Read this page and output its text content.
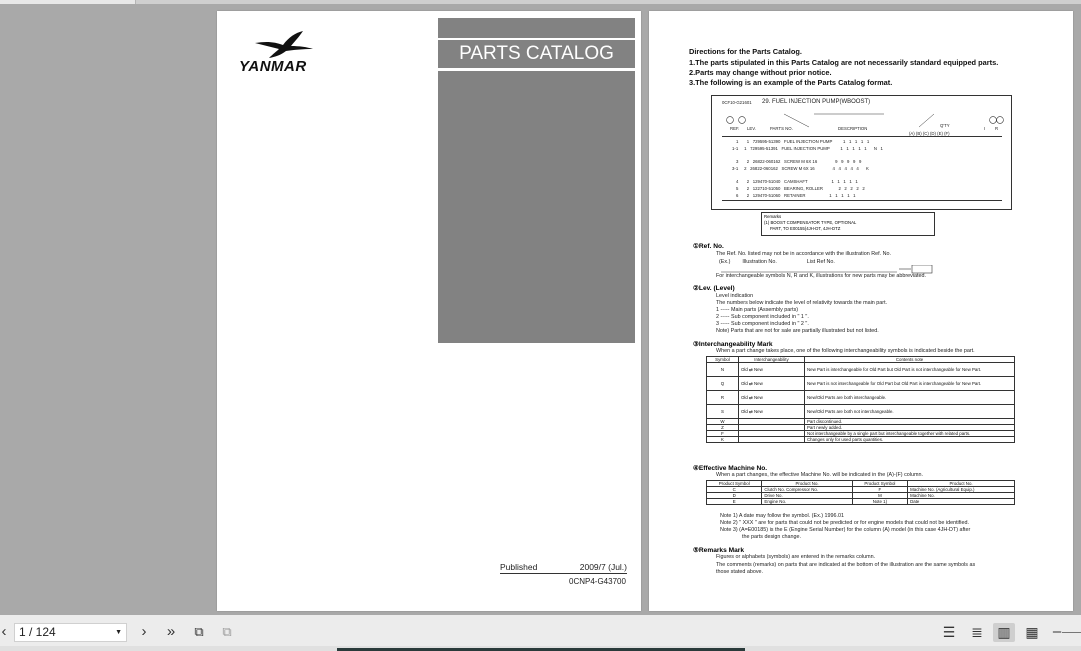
YANMAR
PARTS CATALOG
Published	2009/7 (Jul.)
0CNP4-G43700
Directions for the Parts Catalog.
1.The parts stipulated in this Parts Catalog are not necessarily standard equipped parts.
2.Parts may change without prior notice.
3.The following is an example of the Parts Catalog format.
0CF10-G21601 29. FUEL INJECTION PUMP(WBOOST)
REF. LEV.	PARTS NO.	DESCRIPTION
Q'TY
I R
(A) (B) (C) (D) (E) (F)
1       1   729595-51390   FUEL INJECTION PUMP         1   1   1   1   1
1-1     1   729595-51391   FUEL INJECTION PUMP         1   1   1   1   1      N   1
3       2   26822-060162   SCREW M 6X 16               9   9   9   9   9
3-1     2   26822-060162   SCREW M 6X 16               4   4   4   4   4      K
4       2   129470-51040   CAMSHAFT                    1   1   1   1   1
5       2   122710-51050   BEARING, ROLLER             2   2   2   2   2
6       2   129470-51060   RETAINER                    1   1   1   1   1
Remarks
(1) BOOST COMPENSATOR TYPE, OPTIONAL
PART, TO E00155(4JH-DT, 4JH-DTZ
①Ref. No.
The Ref. No. listed may not be in accordance with the illustration Ref. No.
(Ex.)        Illustration No.                    List Ref No.
For interchangeable symbols N, R and K, illustrations for new parts may be abbreviated.
②Lev. (Level)
Level indication
The numbers below indicate the level of relativity towards the main part.
1 ----- Main parts (Assembly parts)
2 ----- Sub component included in " 1 ".
3 ----- Sub component included in " 2 ".
Note) Parts that are not for sale are partially illustrated but not listed.
③Interchangeability Mark
When a part change takes place, one of the following interchangeability symbols is indicated beside the part.
Symbol	Interchangeability	Contents note
N	Old ⇄ New	New Part is interchangeable for Old Part but Old Part is not interchangeable for New Part.
Q	Old ⇄ New	New Part is not interchangeable for Old Part but Old Part is interchangeable for New Part.
R	Old ⇄ New	New/Old Parts are both interchangeable.
S	Old ⇄ New	New/Old Parts are both not interchangeable.
W		Part discontinued.
Z		Part newly added.
F		Not interchangeable by a single part but interchangeable together with related parts.
K		Changes only for used parts quantities.
④Effective Machine No.
When a part changes, the effective Machine No. will be indicated in the (A)-(F) column.
Product Symbol	Product No.	Product Symbol	Product No.
C	Clutch No. Compressor No.	F	Machine No. (Agricultural Equip.)
D	Drive No.	M	Machine No.
E	Engine No.	Note 1)	Date
Note 1) A date may follow the symbol. (Ex.) 1996.01
Note 2) " XXX " are for parts that could not be predicted or for engine models that could not be identified.
Note 3) (A=E00185) is the E (Engine Serial Number) for the column (A) model (in this case 4JH-DT) after
the parts design change.
⑤Remarks Mark
Figures or alphabets (symbols) are entered in the remarks column.
The comments (remarks) on parts that are indicated at the bottom of the illustration are the same symbols as
those stated above.
‹	1 / 124	▼	›	» ⧉ ⧉	☰	≣	▥	▦ –
